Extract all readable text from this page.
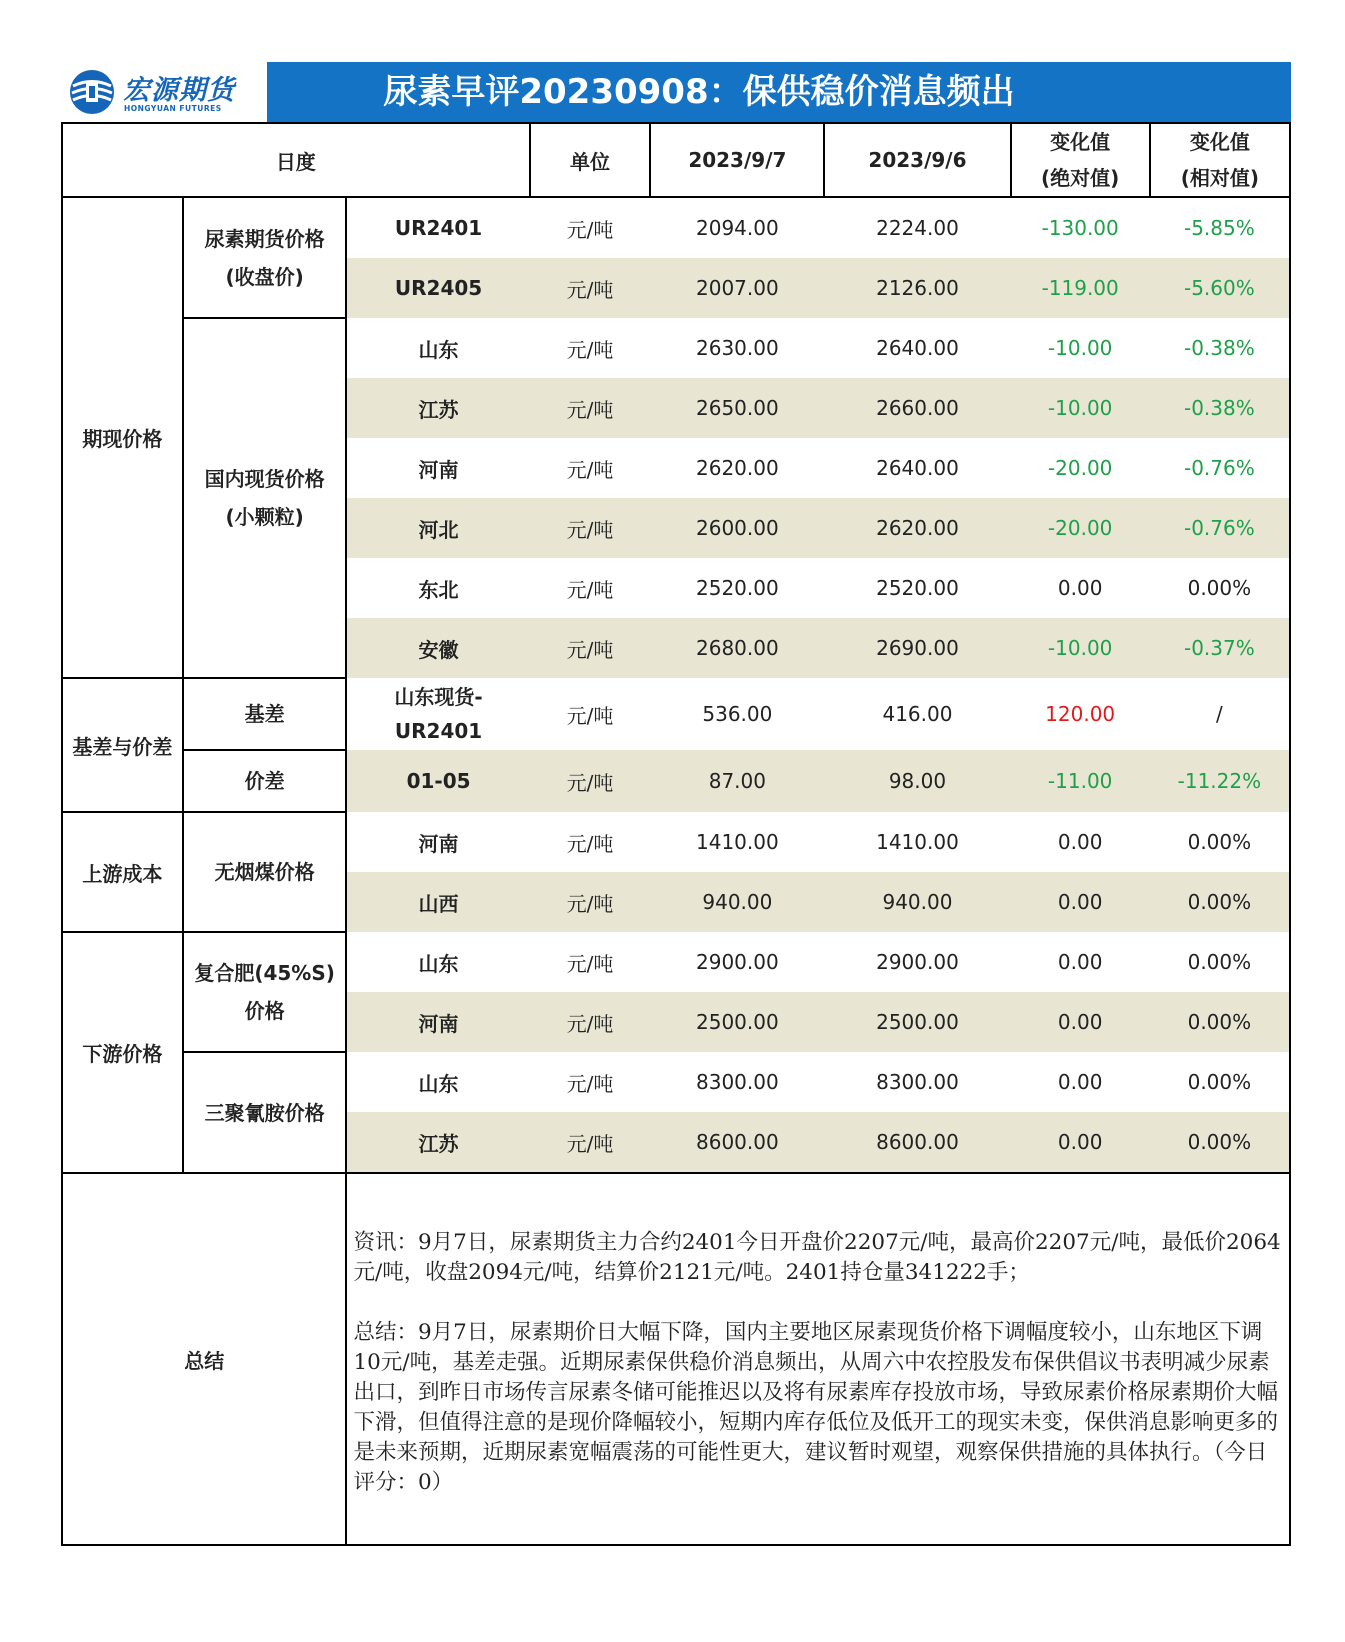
宏源期货
HONGYUAN FUTURES	尿素早评20230908：保供稳价消息频出
日度			单位	2023/9/7	2023/9/6	变化值
(绝对值)	变化值
(相对值)
期现价格	尿素期货价格
(收盘价)	UR2401	元/吨	2094.00	2224.00	-130.00	-5.85%
		UR2405	元/吨	2007.00	2126.00	-119.00	-5.60%
	国内现货价格
(小颗粒)	山东	元/吨	2630.00	2640.00	-10.00	-0.38%
		江苏	元/吨	2650.00	2660.00	-10.00	-0.38%
		河南	元/吨	2620.00	2640.00	-20.00	-0.76%
		河北	元/吨	2600.00	2620.00	-20.00	-0.76%
		东北	元/吨	2520.00	2520.00	0.00	0.00%
		安徽	元/吨	2680.00	2690.00	-10.00	-0.37%
基差与价差	基差	山东现货-
UR2401	元/吨	536.00	416.00	120.00	/
	价差	01-05	元/吨	87.00	98.00	-11.00	-11.22%
上游成本	无烟煤价格	河南	元/吨	1410.00	1410.00	0.00	0.00%
		山西	元/吨	940.00	940.00	0.00	0.00%
下游价格	复合肥(45%S)
价格	山东	元/吨	2900.00	2900.00	0.00	0.00%
		河南	元/吨	2500.00	2500.00	0.00	0.00%
	三聚氰胺价格	山东	元/吨	8300.00	8300.00	0.00	0.00%
		江苏	元/吨	8600.00	8600.00	0.00	0.00%
总结		资讯：9月7日，尿素期货主力合约2401今日开盘价2207元/吨，最高价2207元/吨，最低价2064元/吨，收盘2094元/吨，结算价2121元/吨。2401持仓量341222手；

总结：9月7日，尿素期价日大幅下降，国内主要地区尿素现货价格下调幅度较小，山东地区下调10元/吨，基差走强。近期尿素保供稳价消息频出，从周六中农控股发布保供倡议书表明减少尿素出口，到昨日市场传言尿素冬储可能推迟以及将有尿素库存投放市场，导致尿素价格尿素期价大幅下滑，但值得注意的是现价降幅较小，短期内库存低位及低开工的现实未变，保供消息影响更多的是未来预期，近期尿素宽幅震荡的可能性更大，建议暂时观望，观察保供措施的具体执行。（今日评分：0）					
